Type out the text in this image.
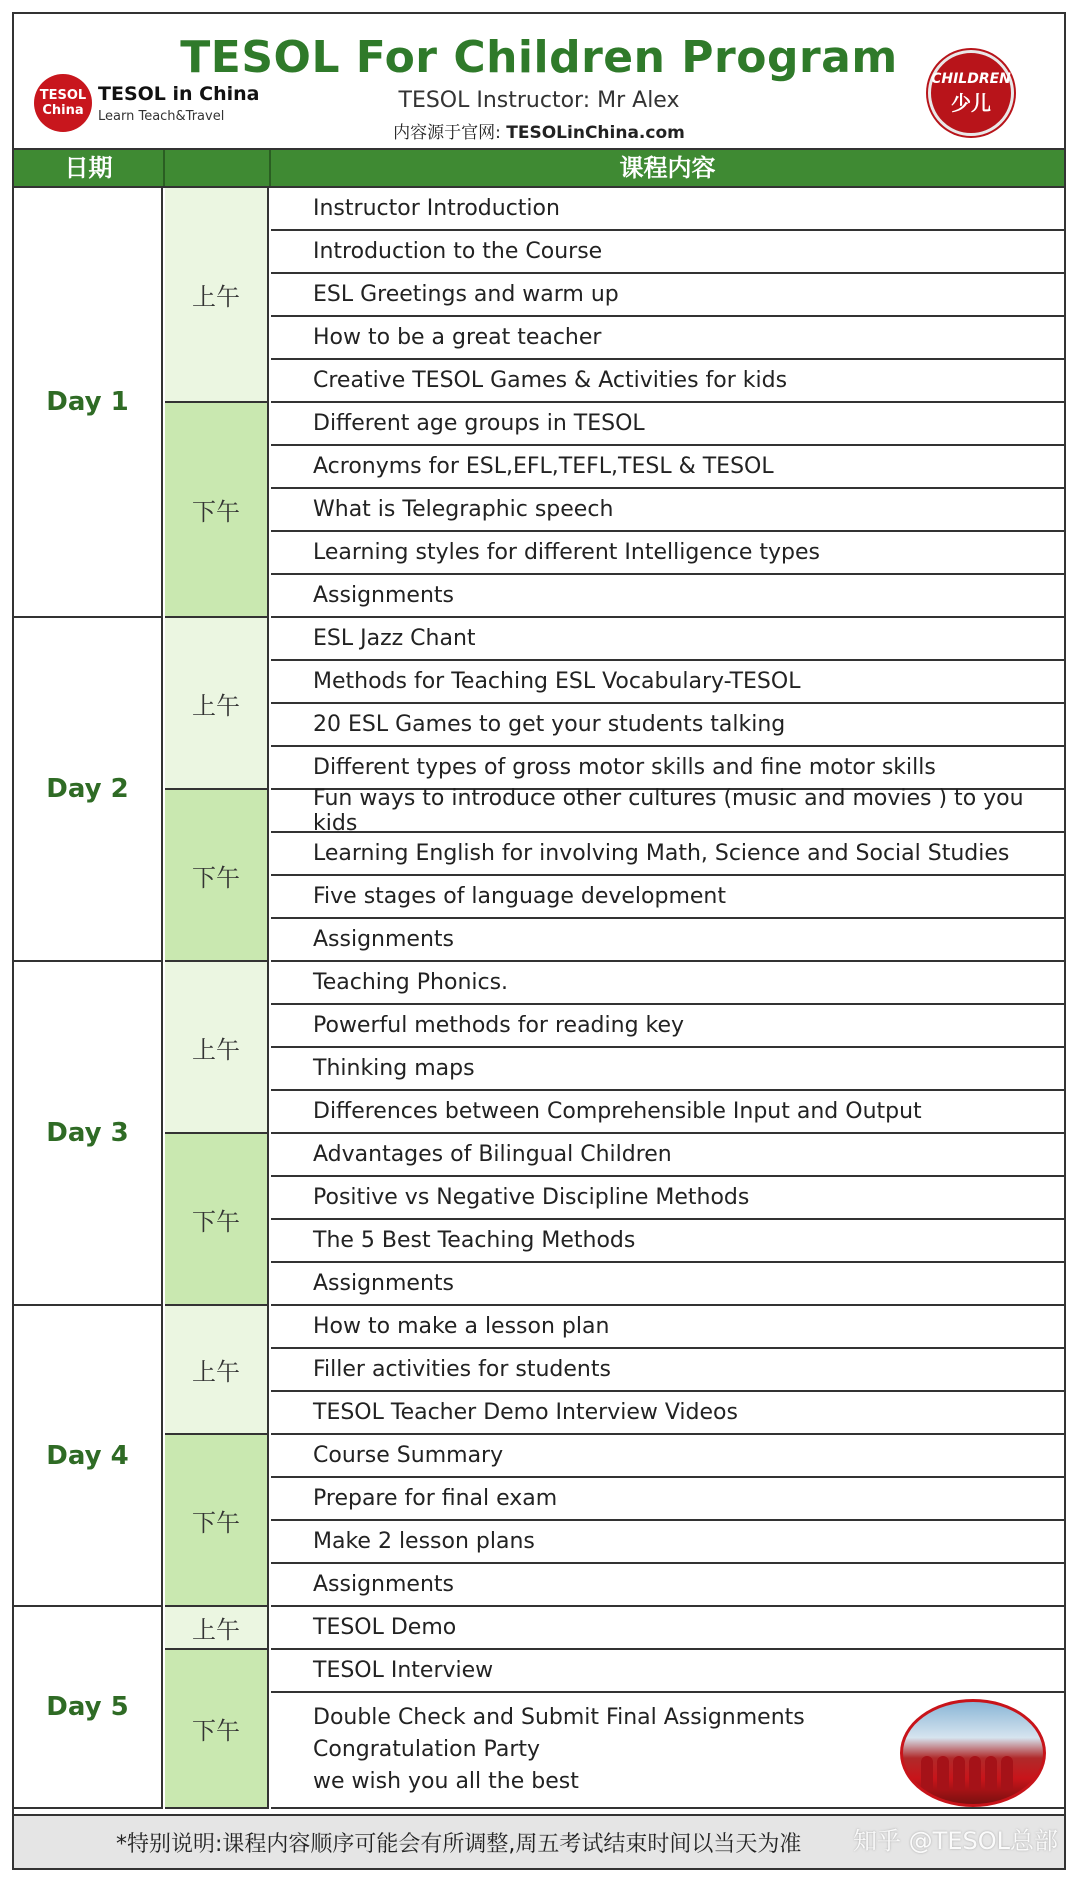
TESOL
China
TESOL in China
Learn Teach&Travel
TESOL For Children Program
TESOL Instructor: Mr Alex
内容源于官网: TESOLinChina.com
CHILDREN
少儿
日期	课程内容
Instructor Introduction
Introduction to the Course
ESL Greetings and warm up
How to be a great teacher
Creative TESOL Games & Activities for kids
上午
Different age groups in TESOL
Acronyms for ESL,EFL,TEFL,TESL & TESOL
What is Telegraphic speech
Learning styles for different Intelligence types
Assignments
下午
Day 1
ESL Jazz Chant
Methods for Teaching ESL Vocabulary-TESOL
20 ESL Games to get your students talking
Different types of gross motor skills and fine motor skills
上午
Fun ways to introduce other cultures (music and movies ) to you kids
Learning English for involving Math, Science and Social Studies
Five stages of language development
Assignments
下午
Day 2
Teaching Phonics.
Powerful methods for reading key
Thinking maps
Differences between Comprehensible Input and Output
上午
Advantages of Bilingual Children
Positive vs Negative Discipline Methods
The 5 Best Teaching Methods
Assignments
下午
Day 3
How to make a lesson plan
Filler activities for students
TESOL Teacher Demo Interview Videos
上午
Course Summary
Prepare for final exam
Make 2 lesson plans
Assignments
下午
Day 4
TESOL Demo
上午
TESOL Interview
Double Check and Submit Final Assignments
Congratulation Party
we wish you all the best
下午
Day 5
*特别说明:课程内容顺序可能会有所调整,周五考试结束时间以当天为准 知乎 @TESOL总部
